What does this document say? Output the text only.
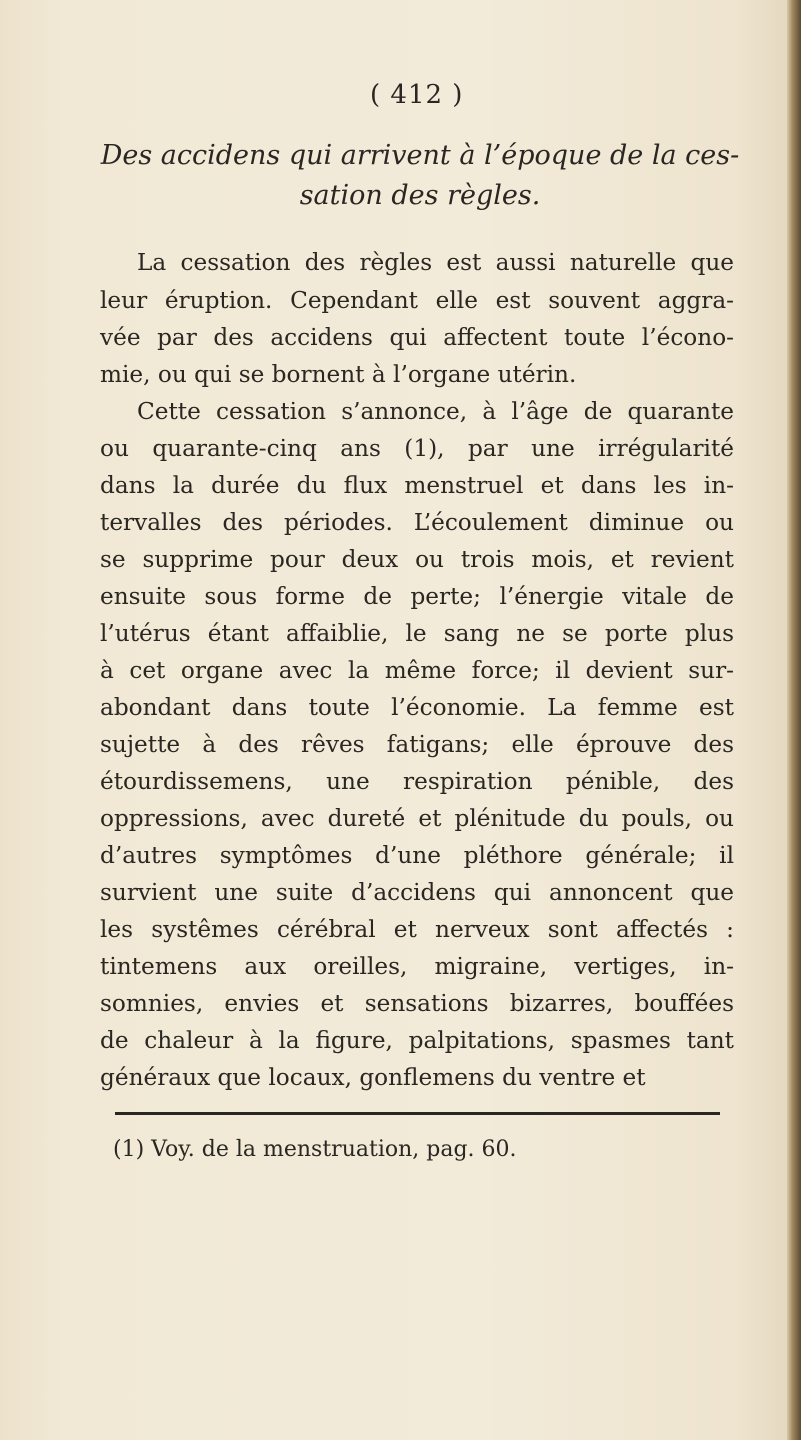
( 412 )
Des accidens qui arrivent à l’époque de la ces-
sation des règles.
La cessation des règles est aussi naturelle que
leur éruption. Cependant elle est souvent aggra-
vée par des accidens qui affectent toute l’écono-
mie, ou qui se bornent à l’organe utérin.
Cette cessation s’annonce, à l’âge de quarante
ou quarante-cinq ans (1), par une irrégularité
dans la durée du flux menstruel et dans les in-
tervalles des périodes. L’écoulement diminue ou
se supprime pour deux ou trois mois, et revient
ensuite sous forme de perte; l’énergie vitale de
l’utérus étant affaiblie, le sang ne se porte plus
à cet organe avec la même force; il devient sur-
abondant dans toute l’économie. La femme est
sujette à des rêves fatigans; elle éprouve des
étourdissemens, une respiration pénible, des
oppressions, avec dureté et plénitude du pouls, ou
d’autres symptômes d’une pléthore générale; il
survient une suite d’accidens qui annoncent que
les systêmes cérébral et nerveux sont affectés :
tintemens aux oreilles, migraine, vertiges, in-
somnies, envies et sensations bizarres, bouffées
de chaleur à la figure, palpitations, spasmes tant
généraux que locaux, gonflemens du ventre et
(1) Voy. de la menstruation, pag. 60.
